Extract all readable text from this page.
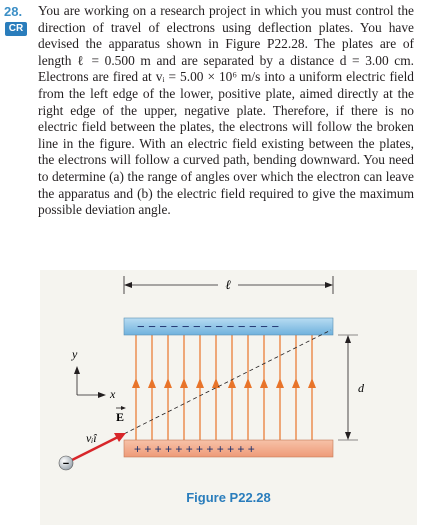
28.
CR

You are working on a research project in which you must control the direction of travel of electrons using deflection plates. You have devised the apparatus shown in Figure P22.28. The plates are of length ℓ = 0.500 m and are separated by a distance d = 3.00 cm. Electrons are fired at vᵢ = 5.00 × 10⁶ m/s into a uniform electric field from the left edge of the lower, positive plate, aimed directly at the right edge of the upper, negative plate. Therefore, if there is no electric field between the plates, the electrons will follow the broken line in the figure. With an electric field existing between the plates, the electrons will follow a curved path, bending downward. You need to determine (a) the range of angles over which the electron can leave the apparatus and (b) the electric field required to give the maximum possible deviation angle.

ℓ
− − − − − − − − − − − − −
+ + + + + + + + + + + +
d
y
x
E
vᵢî
−
Figure P22.28
